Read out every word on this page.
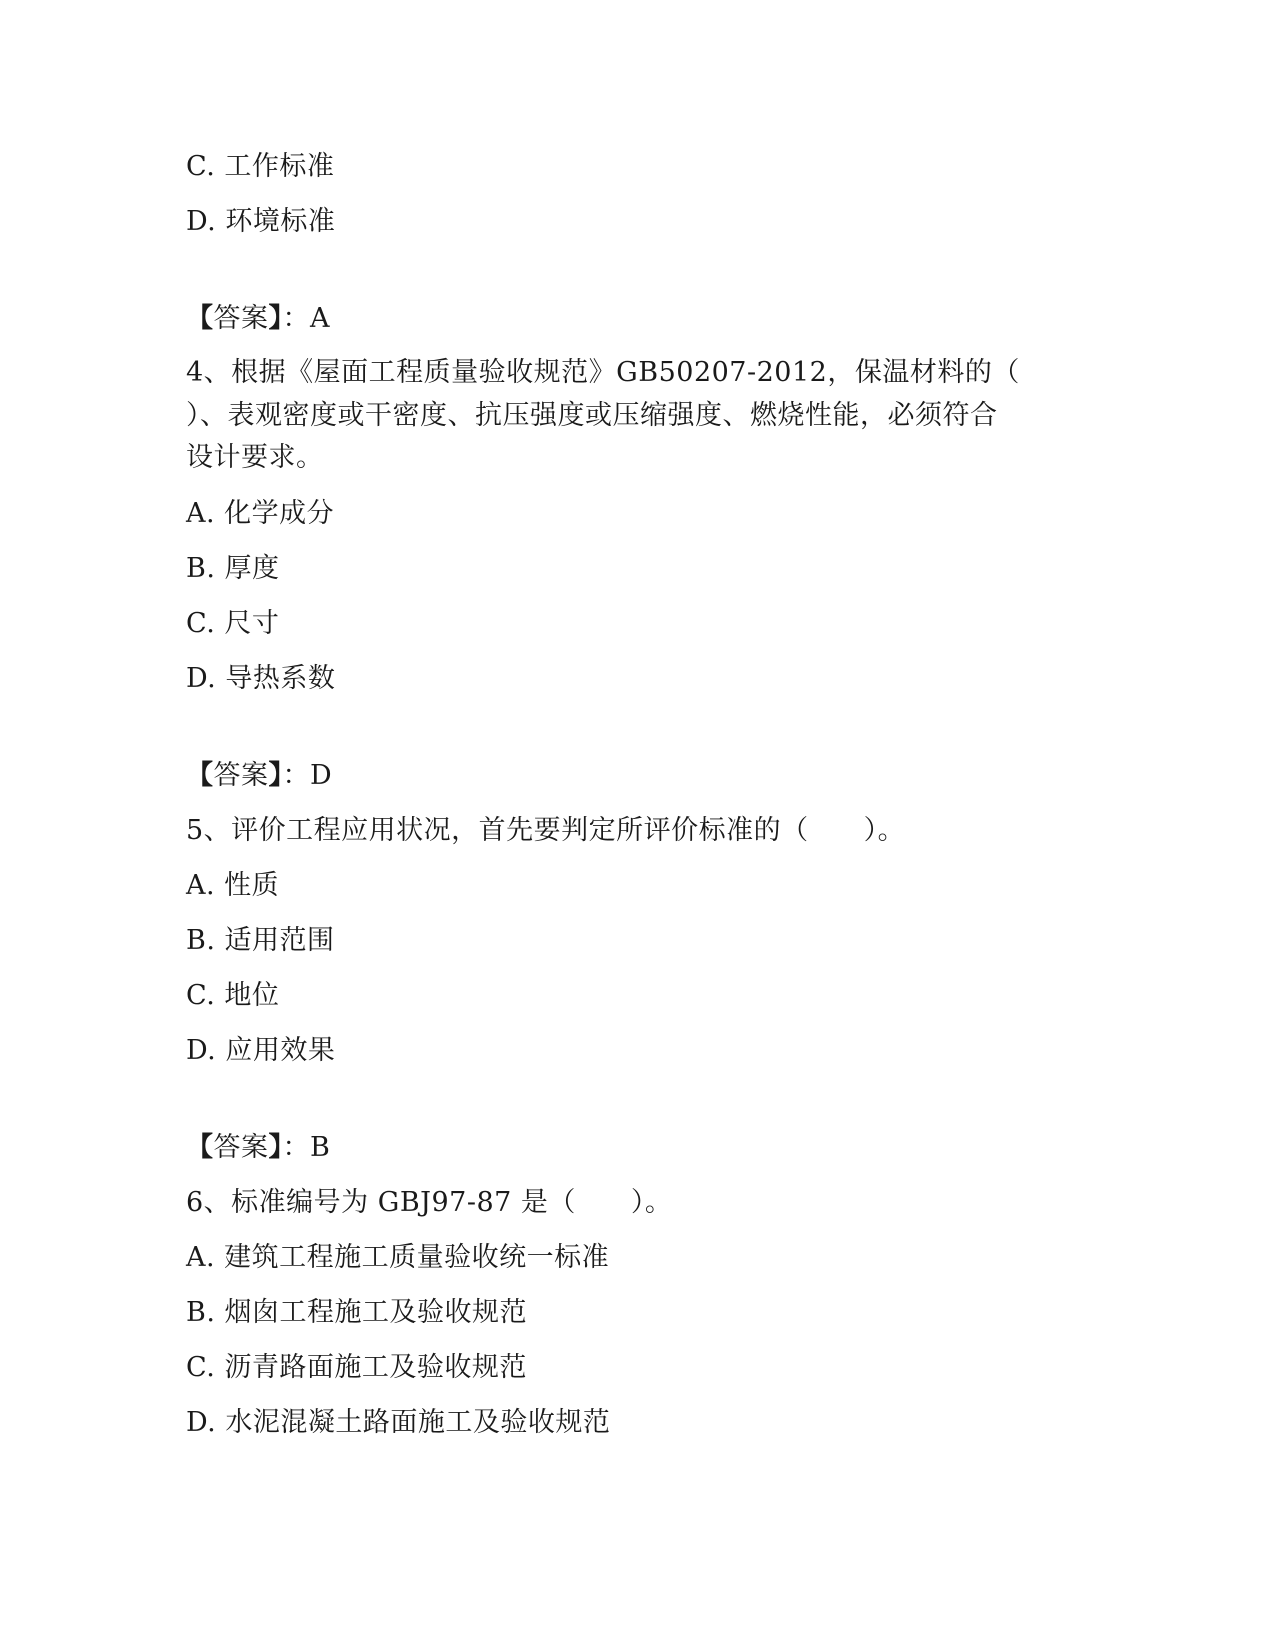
C. 工作标准
D. 环境标准
【答案】：A
4、根据《屋面工程质量验收规范》GB50207-2012，保温材料的（
）、表观密度或干密度、抗压强度或压缩强度、燃烧性能，必须符合
设计要求。
A. 化学成分
B. 厚度
C. 尺寸
D. 导热系数
【答案】：D
5、评价工程应用状况，首先要判定所评价标准的（　　）。
A. 性质
B. 适用范围
C. 地位
D. 应用效果
【答案】：B
6、标准编号为 GBJ97-87 是（　　）。
A. 建筑工程施工质量验收统一标准
B. 烟囱工程施工及验收规范
C. 沥青路面施工及验收规范
D. 水泥混凝土路面施工及验收规范
